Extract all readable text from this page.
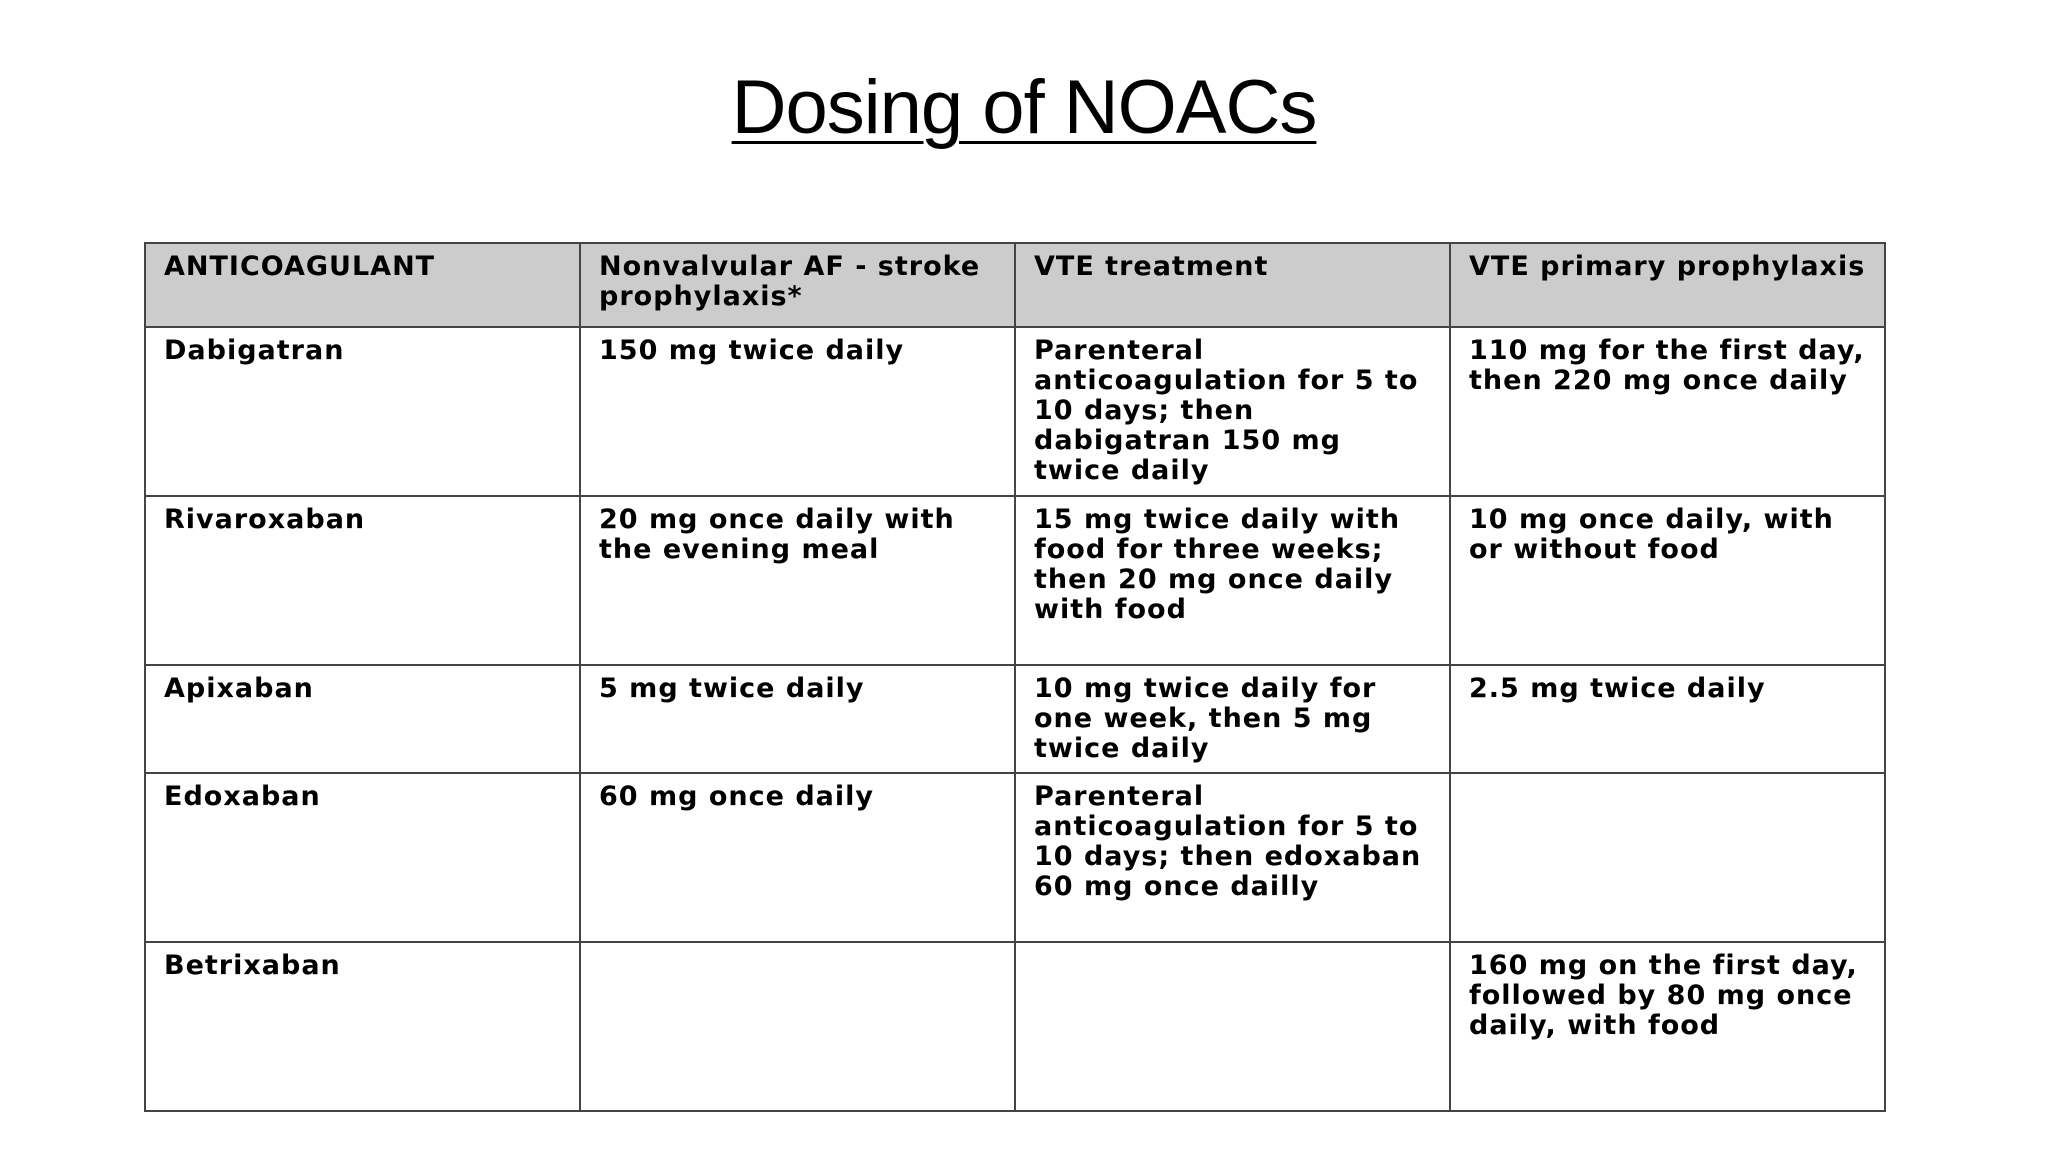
Dosing of NOACs
ANTICOAGULANT	Nonvalvular AF - stroke prophylaxis*	VTE treatment	VTE primary prophylaxis
Dabigatran	150 mg twice daily	Parenteral anticoagulation for 5 to 10 days; then dabigatran 150 mg twice daily	110 mg for the first day, then 220 mg once daily
Rivaroxaban	20 mg once daily with the evening meal	15 mg twice daily with food for three weeks; then 20 mg once daily with food	10 mg once daily, with or without food
Apixaban	5 mg twice daily	10 mg twice daily for one week, then 5 mg twice daily	2.5 mg twice daily
Edoxaban	60 mg once daily	Parenteral anticoagulation for 5 to 10 days; then edoxaban 60 mg once dailly	
Betrixaban			160 mg on the first day, followed by 80 mg once daily, with food
